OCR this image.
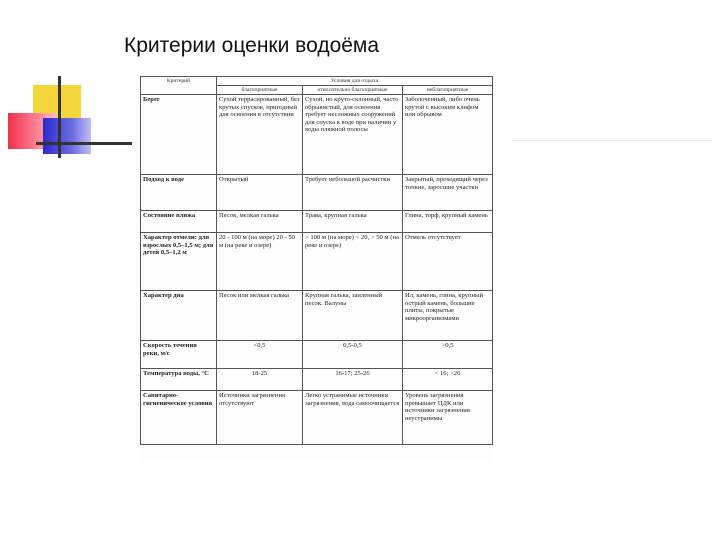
Критерии оценки водоёма
Критерий	Условия для отдыха		
	благоприятные	относительно благоприятные	неблагоприятные
Берег	Сухой террасированный, без крутых спусков, пригодный для освоения в отсутствии	Сухой, но круто-склонный, часто обрывистый, для освоения требует несложных сооружений для спуска к воде при наличии у воды пляжной полосы	Заболоченный, либо очень крутой с высоким клифом или обрывом
Подход к воде	Открытый	Требует небольшой расчистки	Закрытый, проходящий через топкие, заросшие участки
Состояние пляжа	Песок, мелкая галька	Трава, крупная галька	Глина, торф, крупный камень
Характер отмели: для взрослых 0,5–1,5 м; для детей 0,5–1,2 м	20 - 100 м (на море) 20 - 50 м (на реке и озере)	> 100 м (на море) < 20, > 50 м (на реке и озере)	Отмель отсутствует
Характер дна	Песок или мелкая галька	Крупная галька, заиленный песок. Валуны	Ил, камень, глина, крупный острый камень, большие плиты, покрытые микроорганизмами
Скорость течения реки, м/с	<0,5	0,5-0,5	>0,5
Температура воды, °С	18-25	16-17; 25-26	< 16; >26
Санитарно-гигиеническое условия	Источники загрязнения отсутствуют	Легко устранимые источники загрязнения, вода самоочищается	Уровень загрязнения превышает ПДК или источники загрязнения неустранимы
